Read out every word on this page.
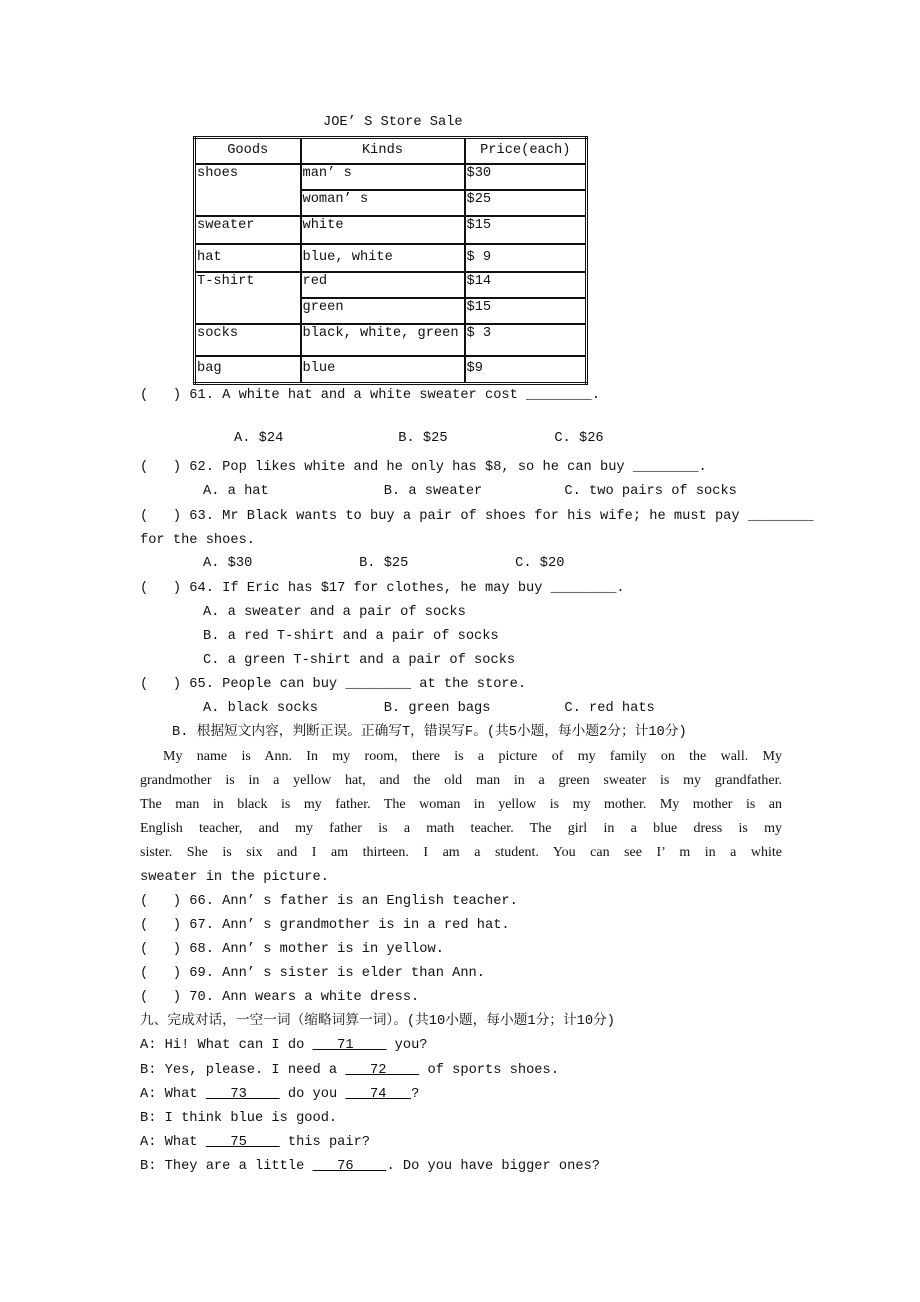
JOE’ S Store Sale
Goods	Kinds	Price(each)
shoes	man’ s	$30
	woman’ s	$25
sweater	white	$15
hat	blue, white	$ 9
T-shirt	red	$14
	green	$15
socks	black, white, green	$ 3
bag	blue	$9
(   ) 61. A white hat and a white sweater cost ________.
A. $24              B. $25             C. $26
(   ) 62. Pop likes white and he only has $8, so he can buy ________.
A. a hat              B. a sweater          C. two pairs of socks
(   ) 63. Mr Black wants to buy a pair of shoes for his wife; he must pay ________
for the shoes.
A. $30             B. $25             C. $20
(   ) 64. If Eric has $17 for clothes, he may buy ________.
A. a sweater and a pair of socks
B. a red T-shirt and a pair of socks
C. a green T-shirt and a pair of socks
(   ) 65. People can buy ________ at the store.
A. black socks        B. green bags         C. red hats
B. 根据短文内容，判断正误。正确写T，错误写F。(共5小题，每小题2分；计10分)
My name is Ann. In my room, there is a picture of my family on the wall. My
grandmother is in a yellow hat, and the old man in a green sweater is my grandfather.
The man in black is my father. The woman in yellow is my mother. My mother is an
English teacher, and my father is a math teacher. The girl in a blue dress is my
sister. She is six and I am thirteen. I am a student. You can see I’ m in a white
sweater in the picture.
(   ) 66. Ann’ s father is an English teacher.
(   ) 67. Ann’ s grandmother is in a red hat.
(   ) 68. Ann’ s mother is in yellow.
(   ) 69. Ann’ s sister is elder than Ann.
(   ) 70. Ann wears a white dress.
九、完成对话，一空一词（缩略词算一词）。(共10小题，每小题1分；计10分)
A: Hi! What can I do    71     you?
B: Yes, please. I need a    72     of sports shoes.
A: What    73     do you    74   ?
B: I think blue is good.
A: What    75     this pair?
B: They are a little    76    . Do you have bigger ones?
